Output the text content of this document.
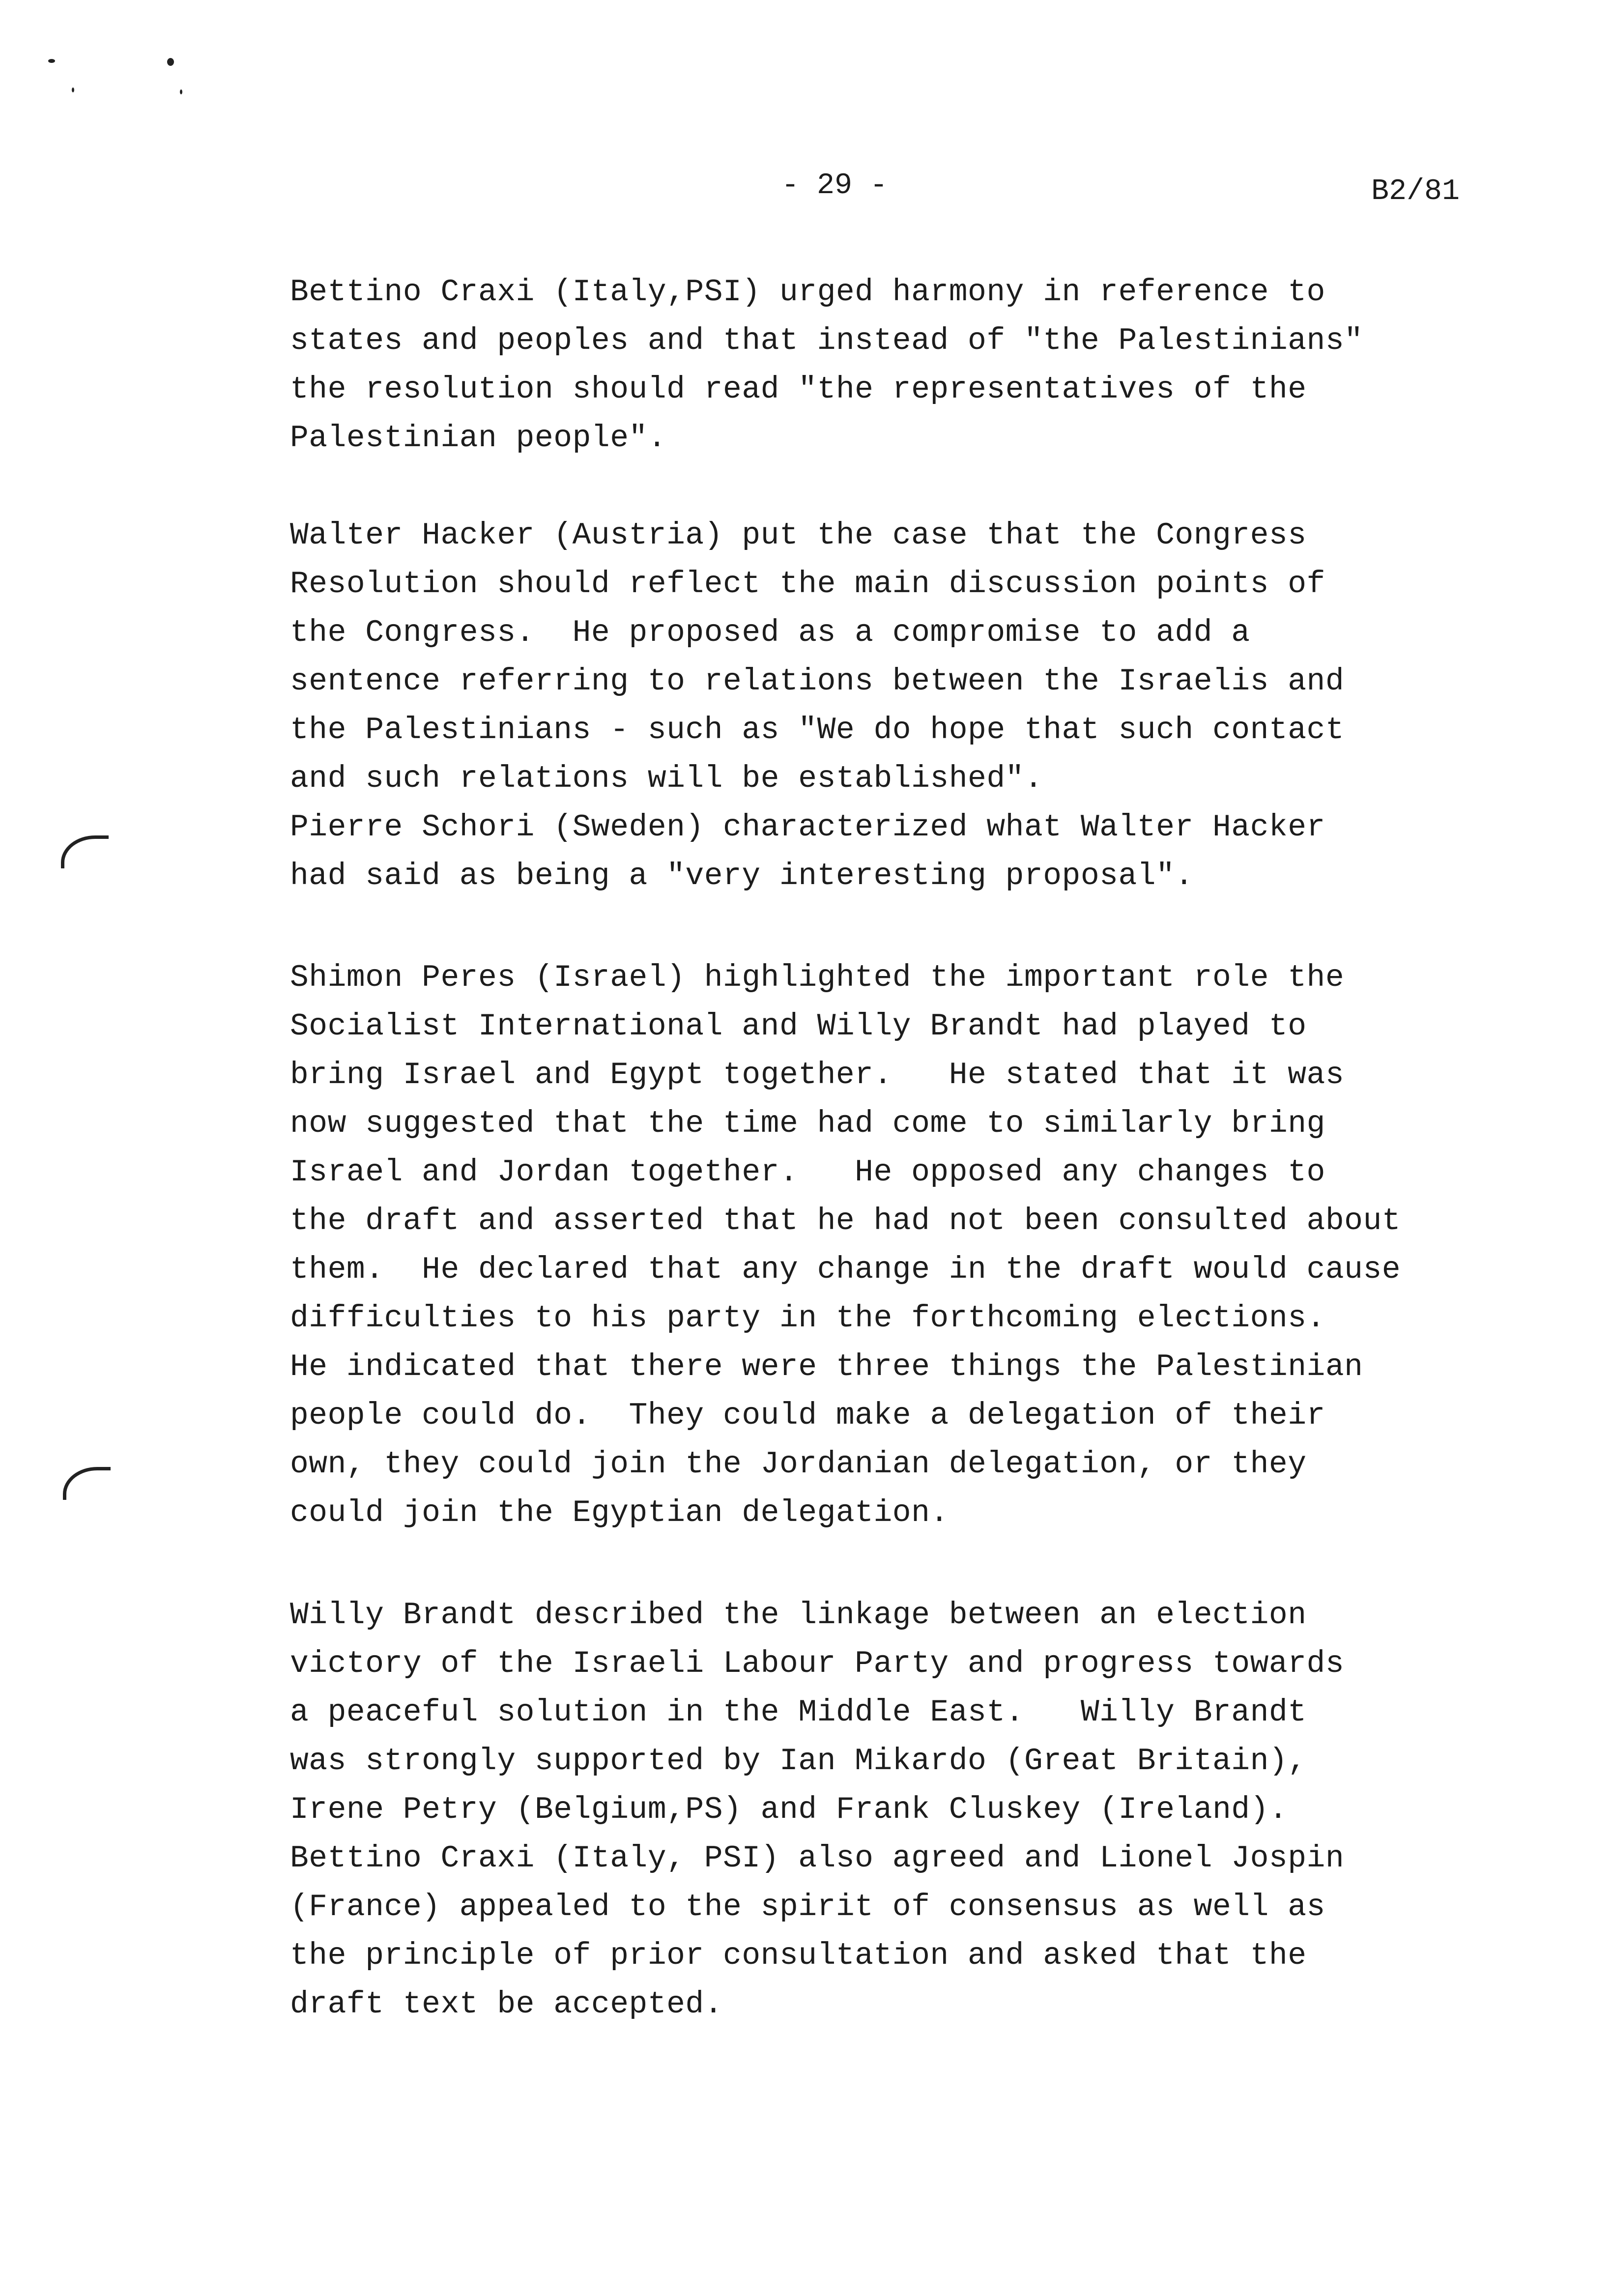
- 29 -	B2/81
Bettino Craxi (Italy,PSI) urged harmony in reference to
states and peoples and that instead of "the Palestinians"
the resolution should read "the representatives of the
Palestinian people".
Walter Hacker (Austria) put the case that the Congress
Resolution should reflect the main discussion points of
the Congress.  He proposed as a compromise to add a
sentence referring to relations between the Israelis and
the Palestinians - such as "We do hope that such contact
and such relations will be established".
Pierre Schori (Sweden) characterized what Walter Hacker
had said as being a "very interesting proposal".
Shimon Peres (Israel) highlighted the important role the
Socialist International and Willy Brandt had played to
bring Israel and Egypt together.   He stated that it was
now suggested that the time had come to similarly bring
Israel and Jordan together.   He opposed any changes to
the draft and asserted that he had not been consulted about
them.  He declared that any change in the draft would cause
difficulties to his party in the forthcoming elections.
He indicated that there were three things the Palestinian
people could do.  They could make a delegation of their
own, they could join the Jordanian delegation, or they
could join the Egyptian delegation.
Willy Brandt described the linkage between an election
victory of the Israeli Labour Party and progress towards
a peaceful solution in the Middle East.   Willy Brandt
was strongly supported by Ian Mikardo (Great Britain),
Irene Petry (Belgium,PS) and Frank Cluskey (Ireland).
Bettino Craxi (Italy, PSI) also agreed and Lionel Jospin
(France) appealed to the spirit of consensus as well as
the principle of prior consultation and asked that the
draft text be accepted.
